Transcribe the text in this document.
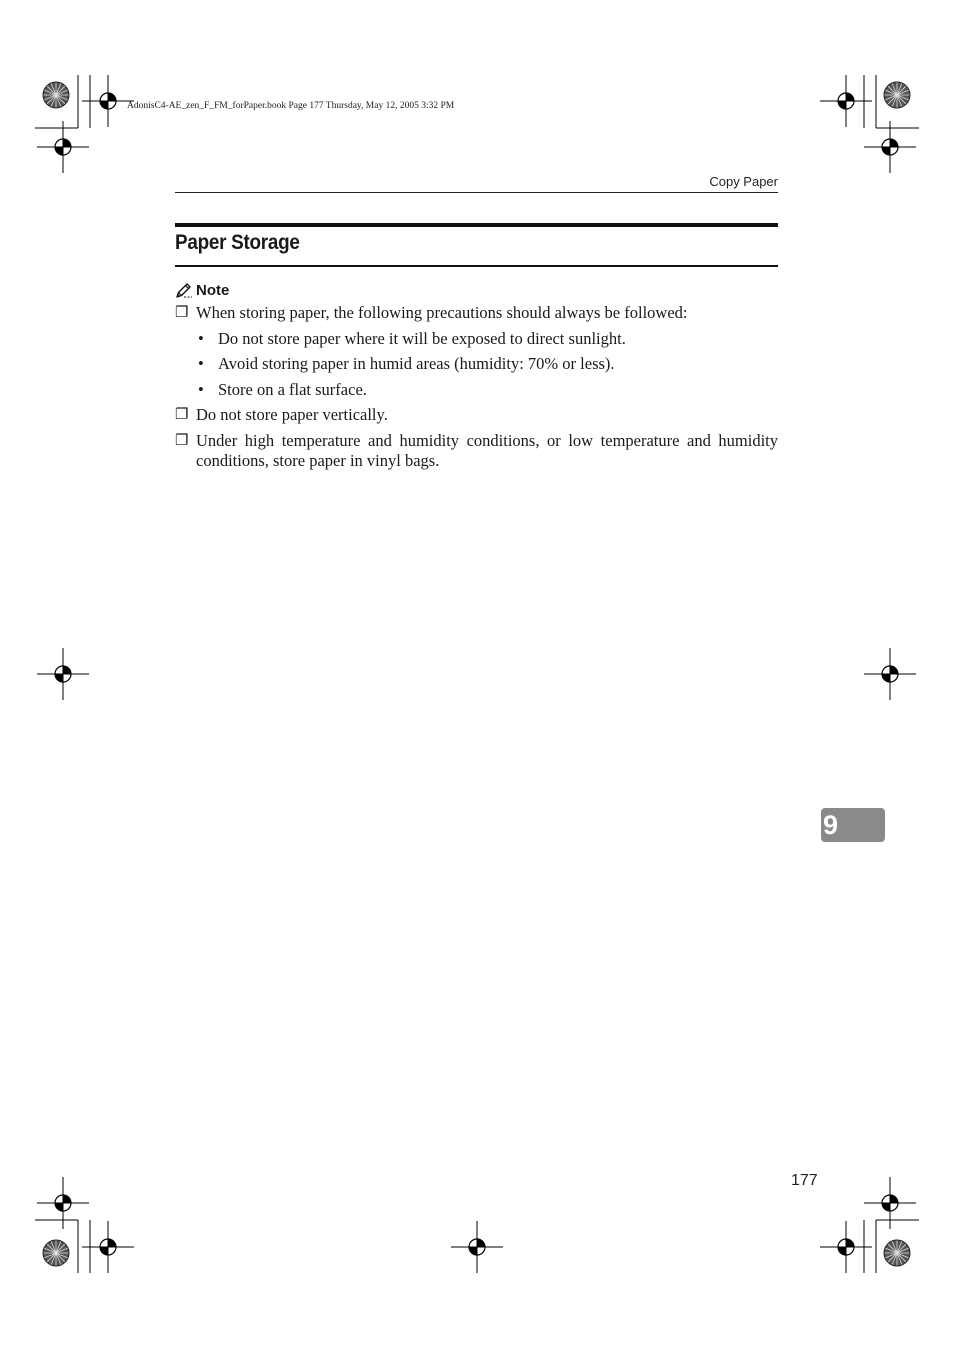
AdonisC4-AE_zen_F_FM_forPaper.book Page 177 Thursday, May 12, 2005 3:32 PM
Copy Paper
Paper Storage
Note
❐ When storing paper, the following precautions should always be followed:
• Do not store paper where it will be exposed to direct sunlight.
• Avoid storing paper in humid areas (humidity: 70% or less).
• Store on a flat surface.
❐ Do not store paper vertically.
❐ Under high temperature and humidity conditions, or low temperature and humidity conditions, store paper in vinyl bags.
9
177
